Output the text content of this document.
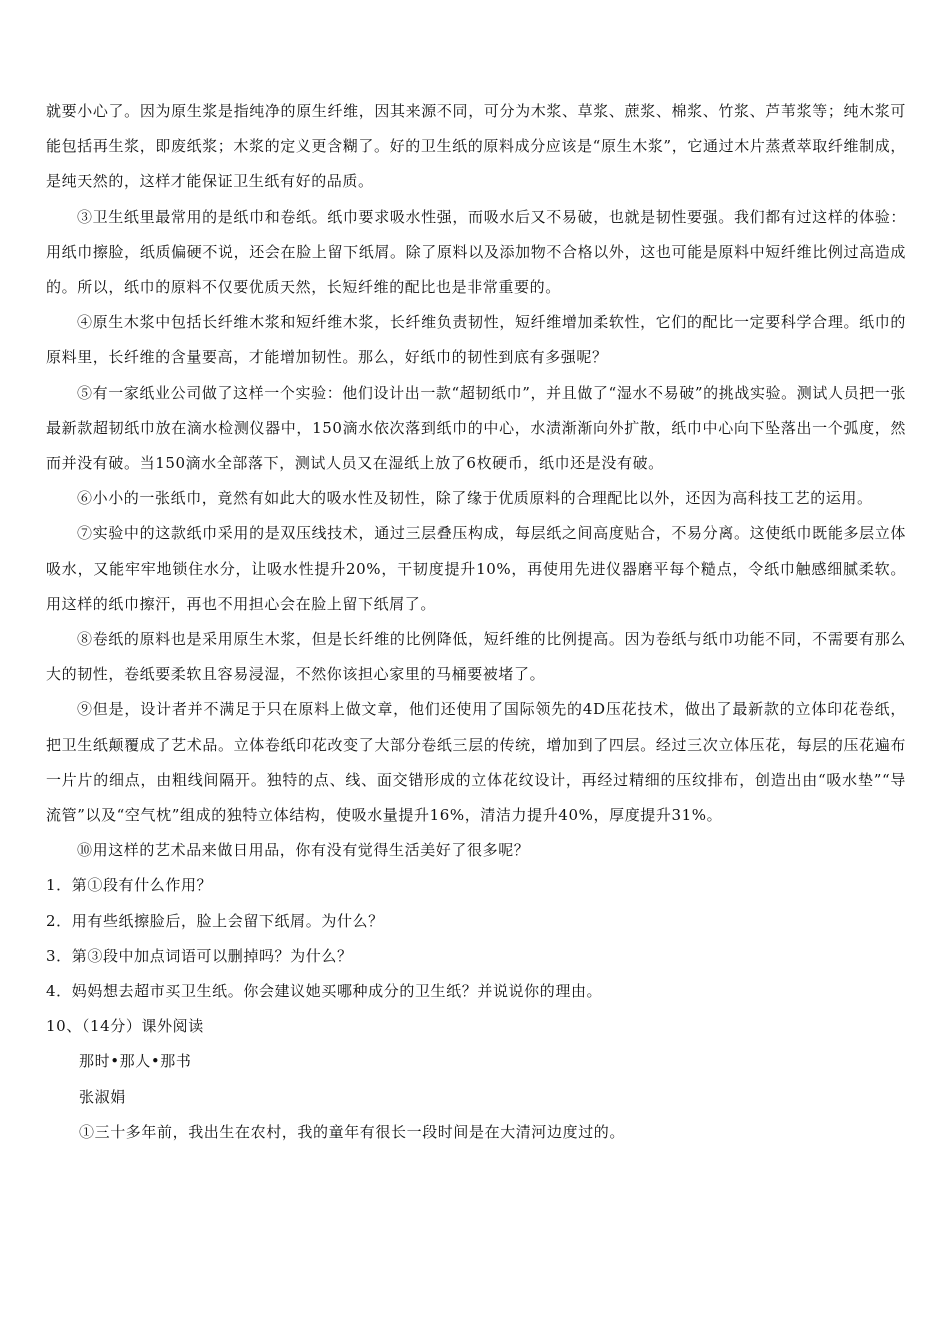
就要小心了。因为原生浆是指纯净的原生纤维，因其来源不同，可分为木浆、草浆、蔗浆、棉浆、竹浆、芦苇浆等；纯木浆可能包括再生浆，即废纸浆；木浆的定义更含糊了。好的卫生纸的原料成分应该是“原生木浆”，它通过木片蒸煮萃取纤维制成，是纯天然的，这样才能保证卫生纸有好的品质。

③卫生纸里最常用的是纸巾和卷纸。纸巾要求吸水性强，而吸水后又不易破，也就是韧性要强。我们都有过这样的体验：用纸巾擦脸，纸质偏硬不说，还会在脸上留下纸屑。除了原料以及添加物不合格以外，这也可能是原料中短纤维比例过高造成的。所以，纸巾的原料不仅要优质天然，长短纤维的配比也是非常重要的。

④原生木浆中包括长纤维木浆和短纤维木浆，长纤维负责韧性，短纤维增加柔软性，它们的配比一定要科学合理。纸巾的原料里，长纤维的含量要高，才能增加韧性。那么，好纸巾的韧性到底有多强呢？

⑤有一家纸业公司做了这样一个实验：他们设计出一款“超韧纸巾”，并且做了“湿水不易破”的挑战实验。测试人员把一张最新款超韧纸巾放在滴水检测仪器中，150滴水依次落到纸巾的中心，水渍渐渐向外扩散，纸巾中心向下坠落出一个弧度，然而并没有破。当150滴水全部落下，测试人员又在湿纸上放了6枚硬币，纸巾还是没有破。

⑥小小的一张纸巾，竟然有如此大的吸水性及韧性，除了缘于优质原料的合理配比以外，还因为高科技工艺的运用。

⑦实验中的这款纸巾采用的是双压线技术，通过三层叠压构成，每层纸之间高度贴合，不易分离。这使纸巾既能多层立体吸水，又能牢牢地锁住水分，让吸水性提升20%，干韧度提升10%，再使用先进仪器磨平每个糙点，令纸巾触感细腻柔软。用这样的纸巾擦汗，再也不用担心会在脸上留下纸屑了。

⑧卷纸的原料也是采用原生木浆，但是长纤维的比例降低，短纤维的比例提高。因为卷纸与纸巾功能不同，不需要有那么大的韧性，卷纸要柔软且容易浸湿，不然你该担心家里的马桶要被堵了。

⑨但是，设计者并不满足于只在原料上做文章，他们还使用了国际领先的4D压花技术，做出了最新款的立体印花卷纸，把卫生纸颠覆成了艺术品。立体卷纸印花改变了大部分卷纸三层的传统，增加到了四层。经过三次立体压花，每层的压花遍布一片片的细点，由粗线间隔开。独特的点、线、面交错形成的立体花纹设计，再经过精细的压纹排布，创造出由“吸水垫”“导流管”以及“空气枕”组成的独特立体结构，使吸水量提升16%，清洁力提升40%，厚度提升31%。

⑩用这样的艺术品来做日用品，你有没有觉得生活美好了很多呢？

1．第①段有什么作用？

2．用有些纸擦脸后，脸上会留下纸屑。为什么？

3．第③段中加点词语可以删掉吗？为什么？

4．妈妈想去超市买卫生纸。你会建议她买哪种成分的卫生纸？并说说你的理由。

10、（14分）课外阅读

那时•那人•那书

张淑娟

①三十多年前，我出生在农村，我的童年有很长一段时间是在大清河边度过的。
